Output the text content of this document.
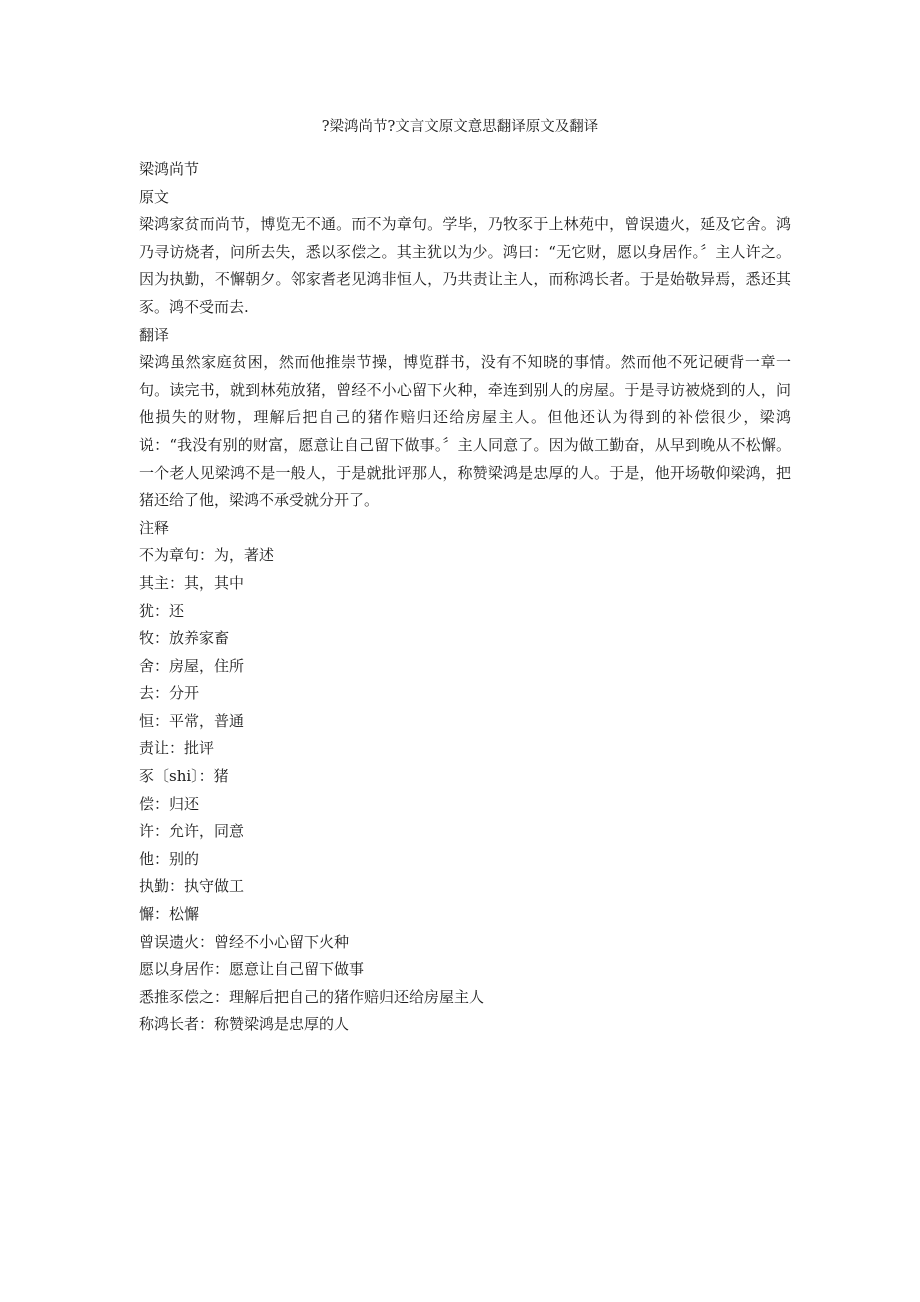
?梁鸿尚节?文言文原文意思翻译原文及翻译

梁鸿尚节

原文

梁鸿家贫而尚节，博览无不通。而不为章句。学毕，乃牧豕于上林苑中，曾误遗火，延及它舍。鸿乃寻访烧者，问所去失，悉以豕偿之。其主犹以为少。鸿曰：“无它财，愿以身居作。〞主人许之。因为执勤，不懈朝夕。邻家耆老见鸿非恒人，乃共责让主人，而称鸿长者。于是始敬异焉，悉还其豕。鸿不受而去.

翻译

梁鸿虽然家庭贫困，然而他推崇节操，博览群书，没有不知晓的事情。然而他不死记硬背一章一句。读完书，就到林苑放猪，曾经不小心留下火种，牵连到别人的房屋。于是寻访被烧到的人，问他损失的财物，理解后把自己的猪作赔归还给房屋主人。但他还认为得到的补偿很少，梁鸿说：“我没有别的财富，愿意让自己留下做事。〞主人同意了。因为做工勤奋，从早到晚从不松懈。一个老人见梁鸿不是一般人，于是就批评那人，称赞梁鸿是忠厚的人。于是，他开场敬仰梁鸿，把猪还给了他，梁鸿不承受就分开了。

注释

不为章句：为，著述

其主：其，其中

犹：还

牧：放养家畜

舍：房屋，住所

去：分开

恒：平常，普通

责让：批评

豕〔shi〕：猪

偿：归还

许：允许，同意

他：别的

执勤：执守做工

懈：松懈

曾误遗火：曾经不小心留下火种

愿以身居作：愿意让自己留下做事

悉推豕偿之：理解后把自己的猪作赔归还给房屋主人

称鸿长者：称赞梁鸿是忠厚的人
